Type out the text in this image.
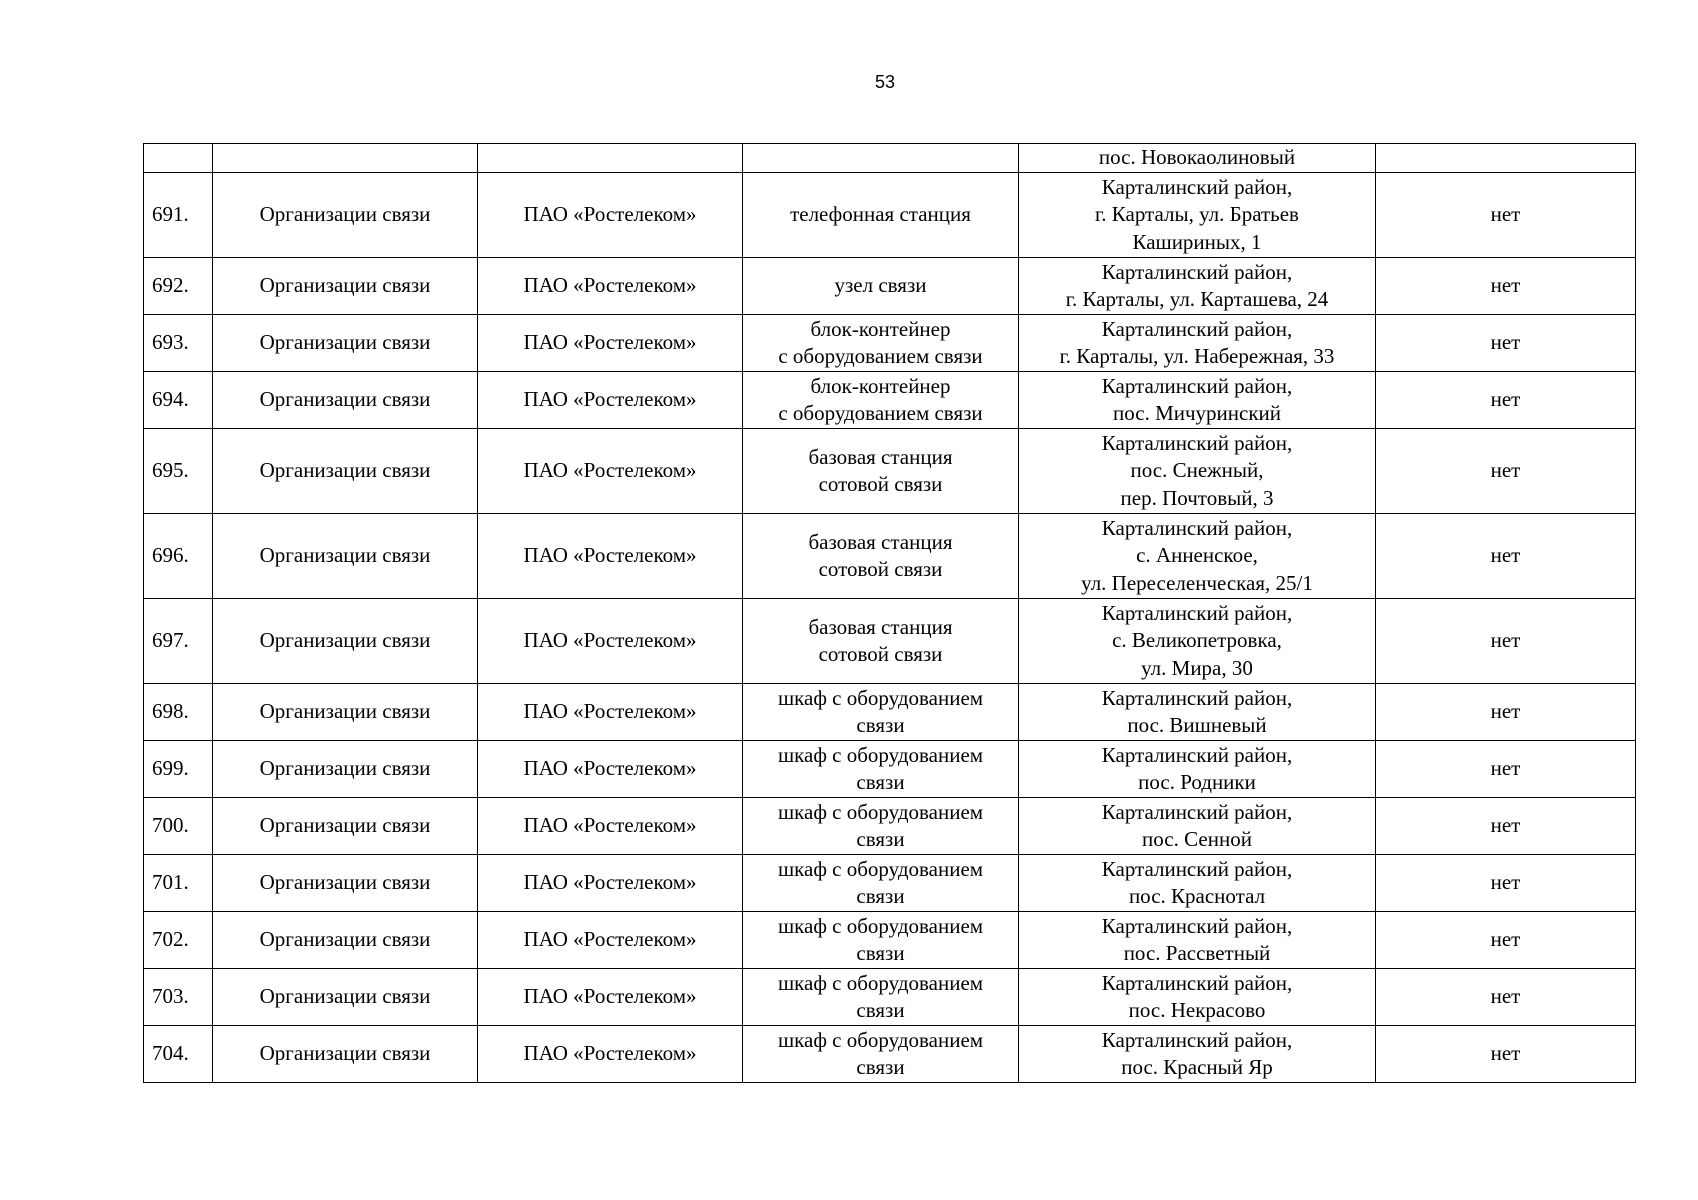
53
				пос. Новокаолиновый	
691.	Организации связи	ПАО «Ростелеком»	телефонная станция	Карталинский район,
г. Карталы, ул. Братьев
Кашириных, 1	нет
692.	Организации связи	ПАО «Ростелеком»	узел связи	Карталинский район,
г. Карталы, ул. Карташева, 24	нет
693.	Организации связи	ПАО «Ростелеком»	блок-контейнер
с оборудованием связи	Карталинский район,
г. Карталы, ул. Набережная, 33	нет
694.	Организации связи	ПАО «Ростелеком»	блок-контейнер
с оборудованием связи	Карталинский район,
пос. Мичуринский	нет
695.	Организации связи	ПАО «Ростелеком»	базовая станция
сотовой связи	Карталинский район,
пос. Снежный,
пер. Почтовый, 3	нет
696.	Организации связи	ПАО «Ростелеком»	базовая станция
сотовой связи	Карталинский район,
с. Анненское,
ул. Переселенческая, 25/1	нет
697.	Организации связи	ПАО «Ростелеком»	базовая станция
сотовой связи	Карталинский район,
с. Великопетровка,
ул. Мира, 30	нет
698.	Организации связи	ПАО «Ростелеком»	шкаф с оборудованием
связи	Карталинский район,
пос. Вишневый	нет
699.	Организации связи	ПАО «Ростелеком»	шкаф с оборудованием
связи	Карталинский район,
пос. Родники	нет
700.	Организации связи	ПАО «Ростелеком»	шкаф с оборудованием
связи	Карталинский район,
пос. Сенной	нет
701.	Организации связи	ПАО «Ростелеком»	шкаф с оборудованием
связи	Карталинский район,
пос. Краснотал	нет
702.	Организации связи	ПАО «Ростелеком»	шкаф с оборудованием
связи	Карталинский район,
пос. Рассветный	нет
703.	Организации связи	ПАО «Ростелеком»	шкаф с оборудованием
связи	Карталинский район,
пос. Некрасово	нет
704.	Организации связи	ПАО «Ростелеком»	шкаф с оборудованием
связи	Карталинский район,
пос. Красный Яр	нет
